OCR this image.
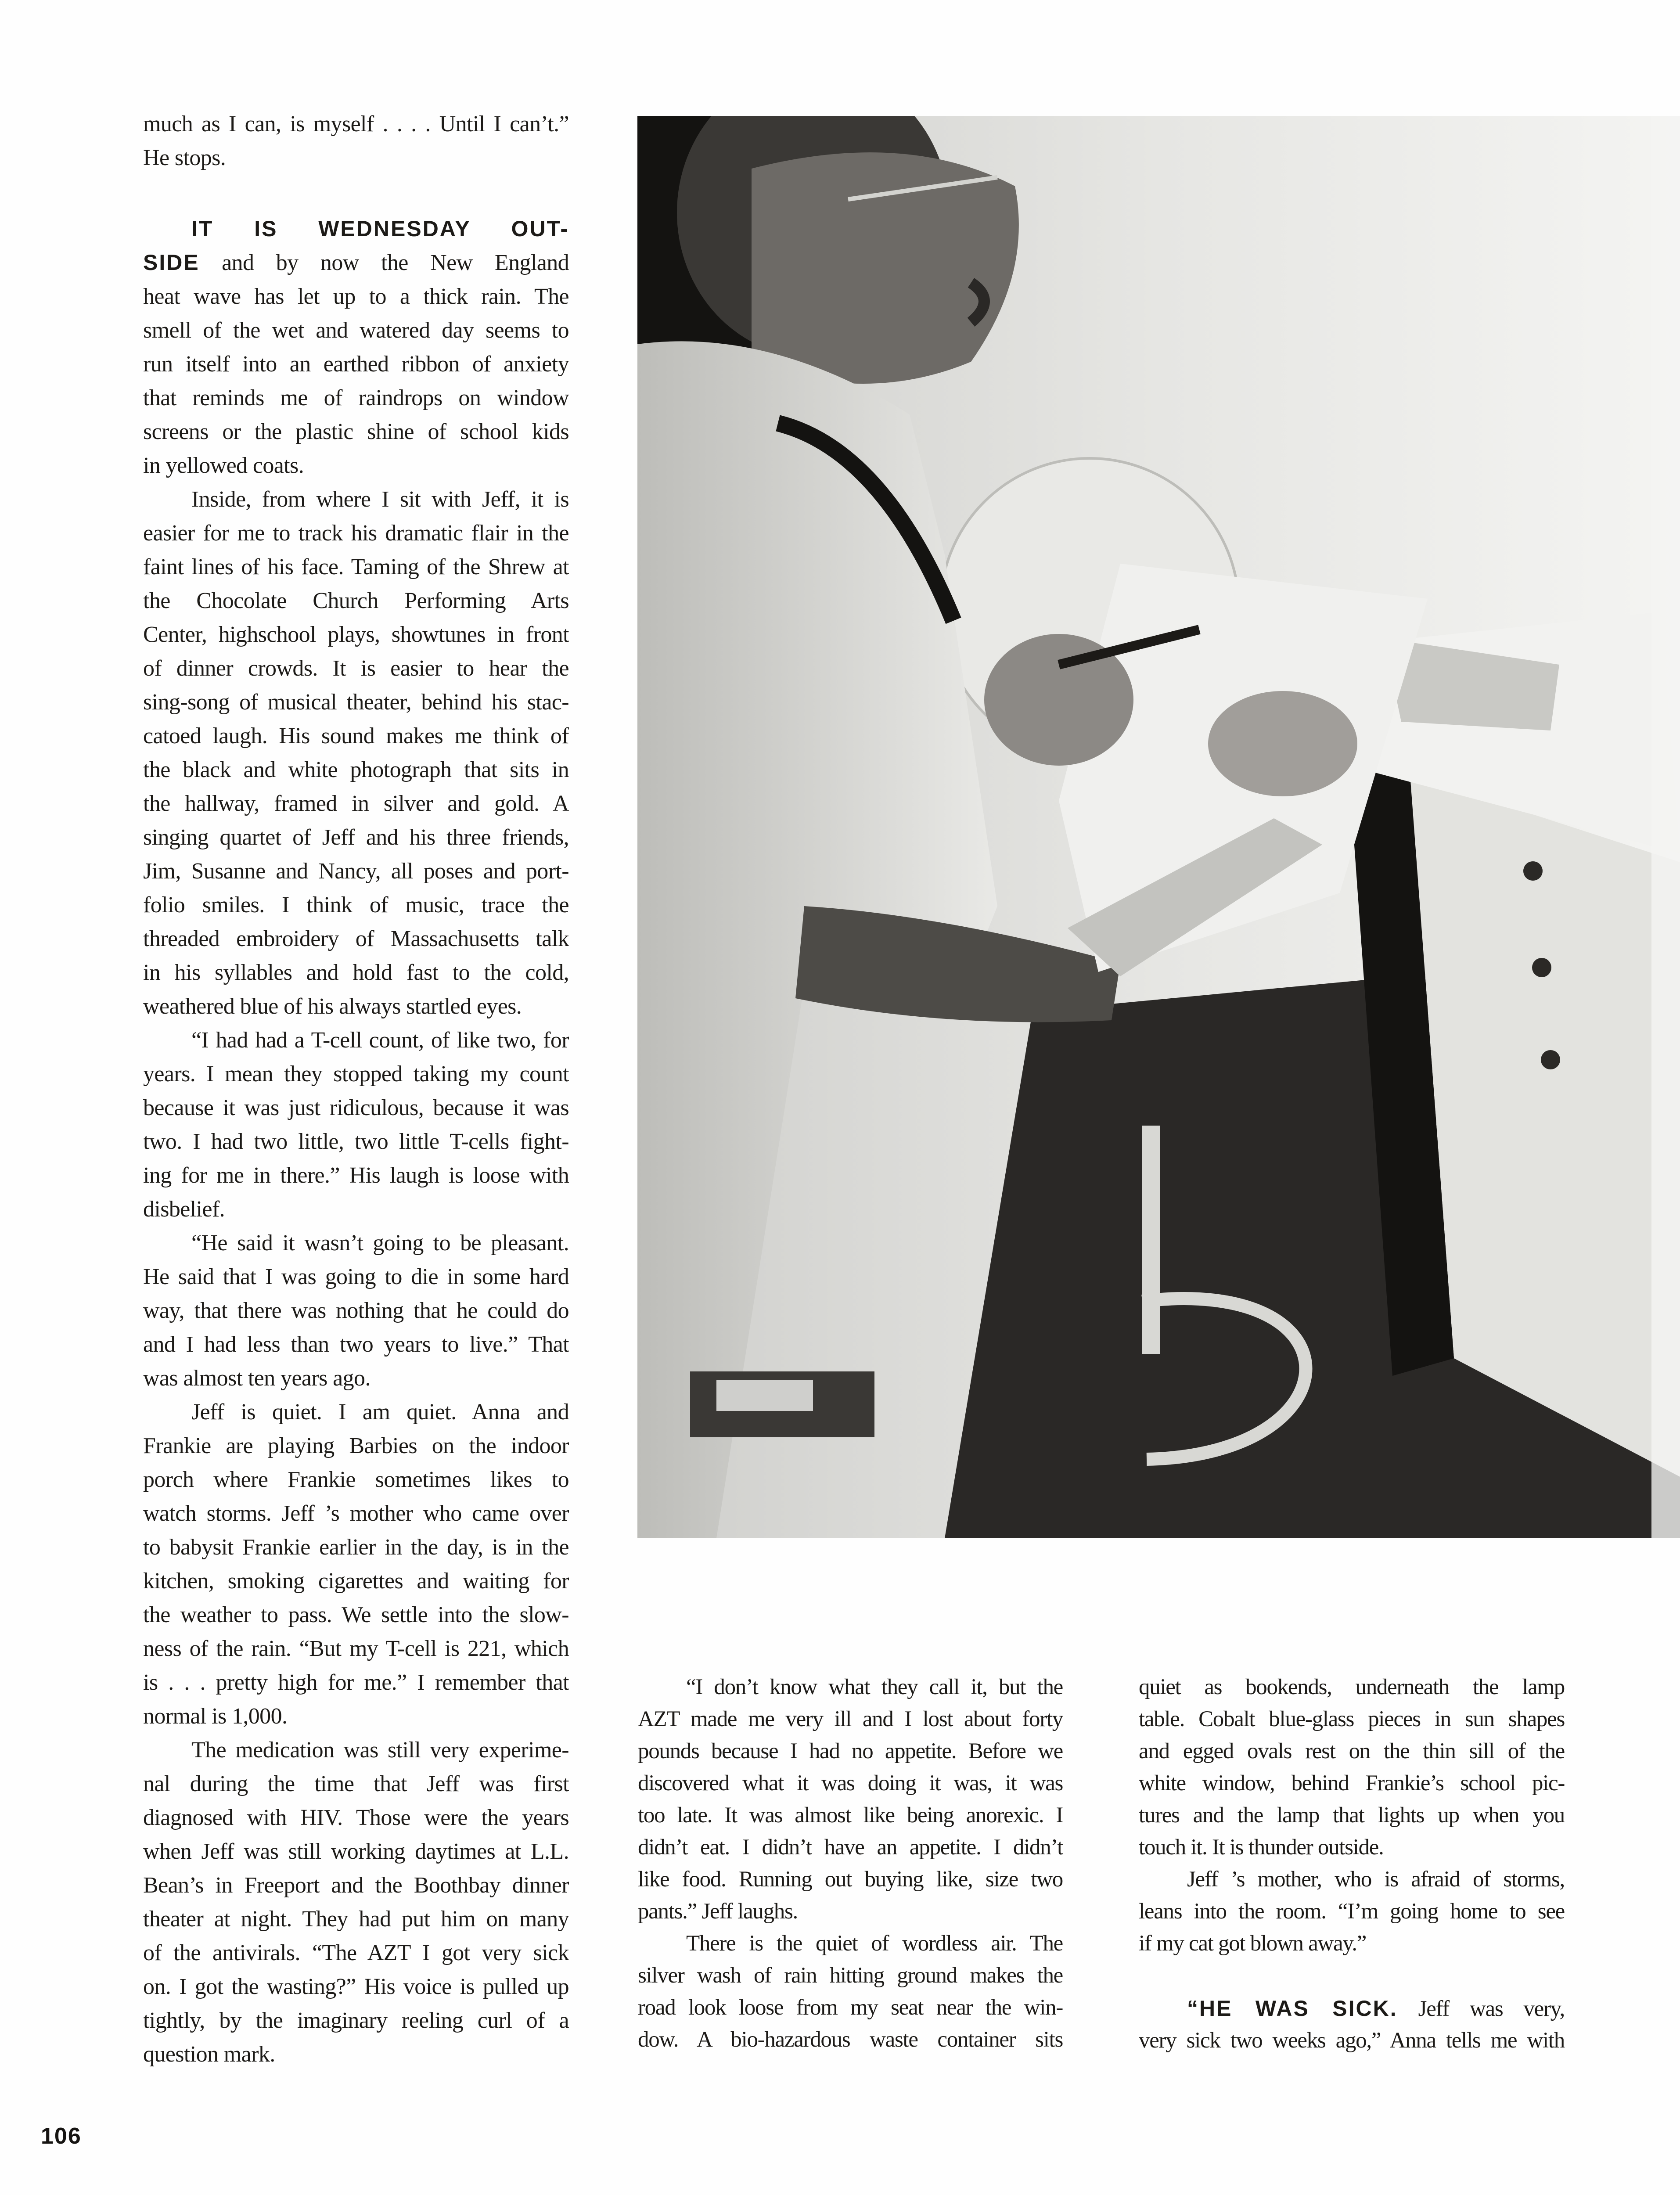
much as I can, is myself . . . . Until I can’t.”
He stops.
IT IS WEDNESDAY OUT-
SIDE and by now the New England
heat wave has let up to a thick rain. The
smell of the wet and watered day seems to
run itself into an earthed ribbon of anxiety
that reminds me of raindrops on window
screens or the plastic shine of school kids
in yellowed coats.
Inside, from where I sit with Jeff, it is
easier for me to track his dramatic flair in the
faint lines of his face. Taming of the Shrew at
the Chocolate Church Performing Arts
Center, highschool plays, showtunes in front
of dinner crowds. It is easier to hear the
sing-song of musical theater, behind his stac-
catoed laugh. His sound makes me think of
the black and white photograph that sits in
the hallway, framed in silver and gold. A
singing quartet of Jeff and his three friends,
Jim, Susanne and Nancy, all poses and port-
folio smiles. I think of music, trace the
threaded embroidery of Massachusetts talk
in his syllables and hold fast to the cold,
weathered blue of his always startled eyes.
“I had had a T-cell count, of like two, for
years. I mean they stopped taking my count
because it was just ridiculous, because it was
two. I had two little, two little T-cells fight-
ing for me in there.” His laugh is loose with
disbelief.
“He said it wasn’t going to be pleasant.
He said that I was going to die in some hard
way, that there was nothing that he could do
and I had less than two years to live.” That
was almost ten years ago.
Jeff is quiet. I am quiet. Anna and
Frankie are playing Barbies on the indoor
porch where Frankie sometimes likes to
watch storms. Jeff ’s mother who came over
to babysit Frankie earlier in the day, is in the
kitchen, smoking cigarettes and waiting for
the weather to pass. We settle into the slow-
ness of the rain. “But my T-cell is 221, which
is . . . pretty high for me.” I remember that
normal is 1,000.
The medication was still very experime-
nal during the time that Jeff was first
diagnosed with HIV. Those were the years
when Jeff was still working daytimes at L.L.
Bean’s in Freeport and the Boothbay dinner
theater at night. They had put him on many
of the antivirals. “The AZT I got very sick
on. I got the wasting?” His voice is pulled up
tightly, by the imaginary reeling curl of a
question mark.
“I don’t know what they call it, but the
AZT made me very ill and I lost about forty
pounds because I had no appetite. Before we
discovered what it was doing it was, it was
too late. It was almost like being anorexic. I
didn’t eat. I didn’t have an appetite. I didn’t
like food. Running out buying like, size two
pants.” Jeff laughs.
There is the quiet of wordless air. The
silver wash of rain hitting ground makes the
road look loose from my seat near the win-
dow. A bio-hazardous waste container sits
quiet as bookends, underneath the lamp
table. Cobalt blue-glass pieces in sun shapes
and egged ovals rest on the thin sill of the
white window, behind Frankie’s school pic-
tures and the lamp that lights up when you
touch it. It is thunder outside.
Jeff ’s mother, who is afraid of storms,
leans into the room. “I’m going home to see
if my cat got blown away.”
“HE WAS SICK. Jeff was very,
very sick two weeks ago,” Anna tells me with
106
